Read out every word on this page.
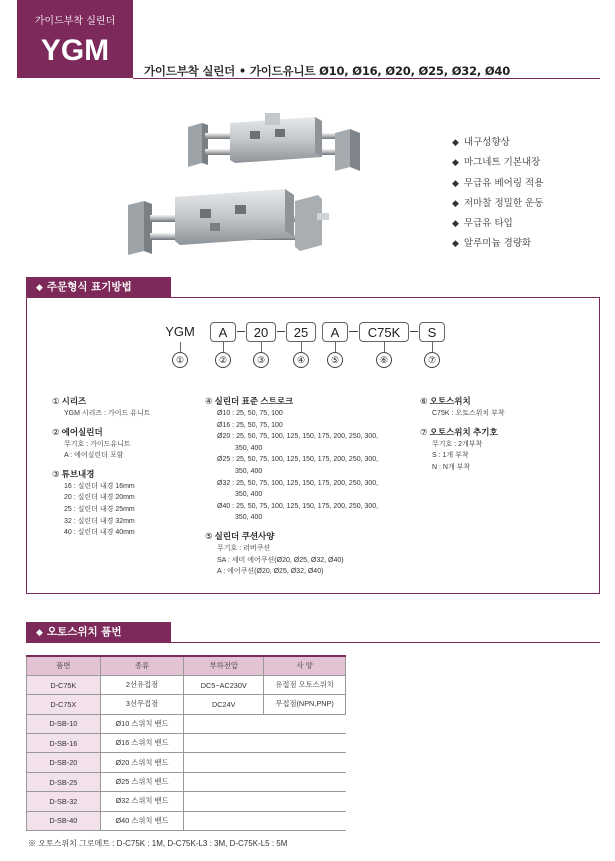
가이드부착 실린더
YGM
가이드부착 실린더 • 가이드유니트 Ø10, Ø16, Ø20, Ø25, Ø32, Ø40
◆ 내구성향상
◆ 마그네트 기본내장
◆ 무급유 베어링 적용
◆ 저마찰 정밀한 운동
◆ 무급유 타입
◆ 알루미늄 경량화
◆ 주문형식 표기방법
YGM	A	20	25	A	C75K	S
①	②	③	④	⑤	⑥	⑦
① 시리즈
YGM 시리즈 : 가이드 유니트
② 에어실린더
무기호 : 가이드유니트
A : 에어실린더 포함
③ 튜브내경
16 : 실린더 내경 16mm
20 : 실린더 내경 20mm
25 : 실린더 내경 25mm
32 : 실린더 내경 32mm
40 : 실린더 내경 40mm
④ 실린더 표준 스트로크
Ø10 : 25, 50, 75, 100
Ø16 : 25, 50, 75, 100
Ø20 : 25, 50, 75, 100, 125, 150, 175, 200, 250, 300,
350, 400
Ø25 : 25, 50, 75, 100, 125, 150, 175, 200, 250, 300,
350, 400
Ø32 : 25, 50, 75, 100, 125, 150, 175, 200, 250, 300,
350, 400
Ø40 : 25, 50, 75, 100, 125, 150, 175, 200, 250, 300,
350, 400
⑤ 실린더 쿠션사양
무기호 : 러버쿠션
SA : 세미 에어쿠션(Ø20, Ø25, Ø32, Ø40)
A : 에어쿠션(Ø20, Ø25, Ø32, Ø40)
⑥ 오토스위치
C75K : 오토스위치 부착
⑦ 오토스위치 추기호
무기호 : 2개부착
S : 1개 부착
N : N개 부착
◆ 오토스위치 품번
품번	종류	부하전압	사 양
D-C75K	2선유접점	DC5~AC230V	유접점 오토스위치
D-C75X	3선무접점	DC24V	무접점(NPN,PNP)
D-SB-10	Ø10 스위치 밴드		
D-SB-16	Ø16 스위치 밴드		
D-SB-20	Ø20 스위치 밴드		
D-SB-25	Ø25 스위치 밴드		
D-SB-32	Ø32 스위치 밴드		
D-SB-40	Ø40 스위치 밴드		
※ 오토스위치 그로메트 : D-C75K : 1M, D-C75K-L3 : 3M, D-C75K-L5 : 5M
